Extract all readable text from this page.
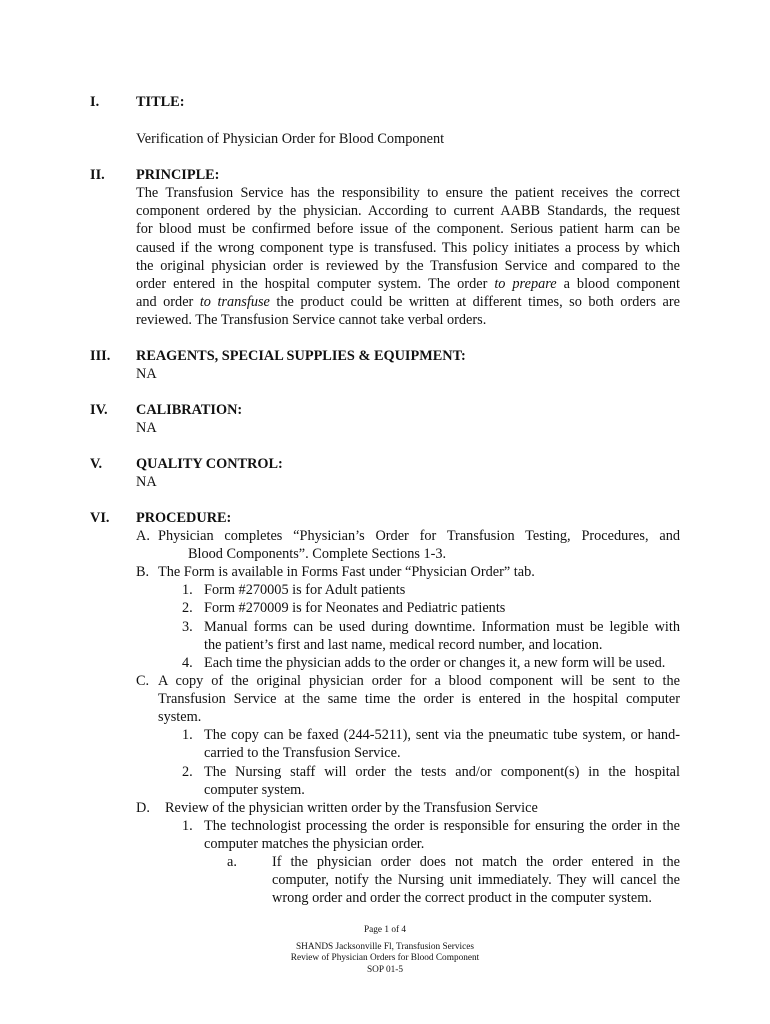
I.	TITLE:
Verification of Physician Order for Blood Component
II. PRINCIPLE:
The Transfusion Service has the responsibility to ensure the patient receives the correct
component ordered by the physician. According to current AABB Standards, the request
for blood must be confirmed before issue of the component. Serious patient harm can be
caused if the wrong component type is transfused. This policy initiates a process by which
the original physician order is reviewed by the Transfusion Service and compared to the
order entered in the hospital computer system. The order to prepare a blood component
and order to transfuse the product could be written at different times, so both orders are
reviewed. The Transfusion Service cannot take verbal orders.
III. REAGENTS, SPECIAL SUPPLIES & EQUIPMENT:
NA
IV. CALIBRATION:
NA
V. QUALITY CONTROL:
NA
VI. PROCEDURE:
A. Physician completes “Physician’s Order for Transfusion Testing, Procedures, and
Blood Components”. Complete Sections 1-3.
B. The Form is available in Forms Fast under “Physician Order” tab.
1. Form #270005 is for Adult patients
2. Form #270009 is for Neonates and Pediatric patients
3. Manual forms can be used during downtime. Information must be legible with
the patient’s first and last name, medical record number, and location.
4. Each time the physician adds to the order or changes it, a new form will be used.
C. A copy of the original physician order for a blood component will be sent to the
Transfusion Service at the same time the order is entered in the hospital computer
system.
1. The copy can be faxed (244-5211), sent via the pneumatic tube system, or hand-
carried to the Transfusion Service.
2. The Nursing staff will order the tests and/or component(s) in the hospital
computer system.
D. Review of the physician written order by the Transfusion Service
1. The technologist processing the order is responsible for ensuring the order in the
computer matches the physician order.
a. If the physician order does not match the order entered in the
computer, notify the Nursing unit immediately. They will cancel the
wrong order and order the correct product in the computer system.
Page 1 of 4
SHANDS Jacksonville Fl, Transfusion Services
Review of Physician Orders for Blood Component
SOP 01-5
